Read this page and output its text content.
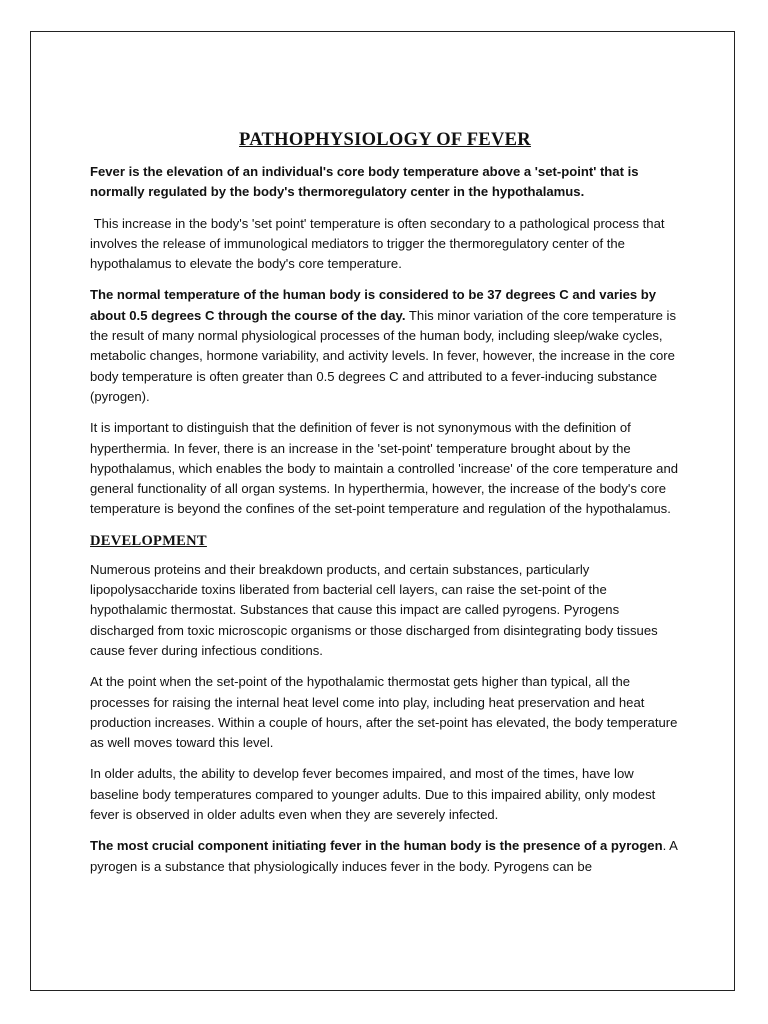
PATHOPHYSIOLOGY OF FEVER

Fever is the elevation of an individual's core body temperature above a 'set-point' that is normally regulated by the body's thermoregulatory center in the hypothalamus.

This increase in the body's 'set point' temperature is often secondary to a pathological process that involves the release of immunological mediators to trigger the thermoregulatory center of the hypothalamus to elevate the body's core temperature.

The normal temperature of the human body is considered to be 37 degrees C and varies by about 0.5 degrees C through the course of the day. This minor variation of the core temperature is the result of many normal physiological processes of the human body, including sleep/wake cycles, metabolic changes, hormone variability, and activity levels. In fever, however, the increase in the core body temperature is often greater than 0.5 degrees C and attributed to a fever-inducing substance (pyrogen).

It is important to distinguish that the definition of fever is not synonymous with the definition of hyperthermia. In fever, there is an increase in the 'set-point' temperature brought about by the hypothalamus, which enables the body to maintain a controlled 'increase' of the core temperature and general functionality of all organ systems. In hyperthermia, however, the increase of the body's core temperature is beyond the confines of the set-point temperature and regulation of the hypothalamus.

DEVELOPMENT

Numerous proteins and their breakdown products, and certain substances, particularly lipopolysaccharide toxins liberated from bacterial cell layers, can raise the set-point of the hypothalamic thermostat. Substances that cause this impact are called pyrogens. Pyrogens discharged from toxic microscopic organisms or those discharged from disintegrating body tissues cause fever during infectious conditions.

At the point when the set-point of the hypothalamic thermostat gets higher than typical, all the processes for raising the internal heat level come into play, including heat preservation and heat production increases. Within a couple of hours, after the set-point has elevated, the body temperature as well moves toward this level.

In older adults, the ability to develop fever becomes impaired, and most of the times, have low baseline body temperatures compared to younger adults. Due to this impaired ability, only modest fever is observed in older adults even when they are severely infected.

The most crucial component initiating fever in the human body is the presence of a pyrogen. A pyrogen is a substance that physiologically induces fever in the body. Pyrogens can be
